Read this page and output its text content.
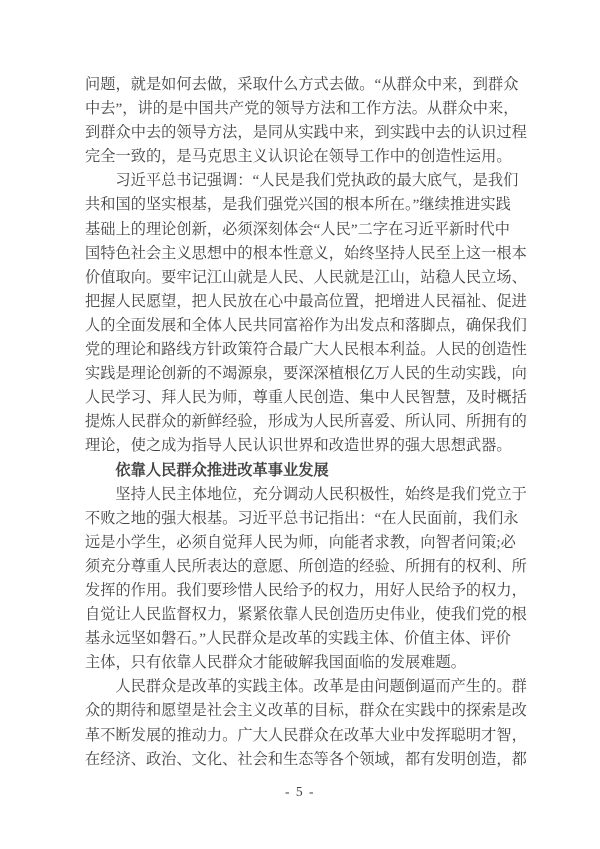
问题，就是如何去做，采取什么方式去做。“从群众中来，到群众
中去”，讲的是中国共产党的领导方法和工作方法。从群众中来，
到群众中去的领导方法，是同从实践中来，到实践中去的认识过程
完全一致的，是马克思主义认识论在领导工作中的创造性运用。
习近平总书记强调：“人民是我们党执政的最大底气，是我们
共和国的坚实根基，是我们强党兴国的根本所在。”继续推进实践
基础上的理论创新，必须深刻体会“人民”二字在习近平新时代中
国特色社会主义思想中的根本性意义，始终坚持人民至上这一根本
价值取向。要牢记江山就是人民、人民就是江山，站稳人民立场、
把握人民愿望，把人民放在心中最高位置，把增进人民福祉、促进
人的全面发展和全体人民共同富裕作为出发点和落脚点，确保我们
党的理论和路线方针政策符合最广大人民根本利益。人民的创造性
实践是理论创新的不竭源泉，要深深植根亿万人民的生动实践，向
人民学习、拜人民为师，尊重人民创造、集中人民智慧，及时概括
提炼人民群众的新鲜经验，形成为人民所喜爱、所认同、所拥有的
理论，使之成为指导人民认识世界和改造世界的强大思想武器。
依靠人民群众推进改革事业发展
坚持人民主体地位，充分调动人民积极性，始终是我们党立于
不败之地的强大根基。习近平总书记指出：“在人民面前，我们永
远是小学生，必须自觉拜人民为师，向能者求教，向智者问策;必
须充分尊重人民所表达的意愿、所创造的经验、所拥有的权利、所
发挥的作用。我们要珍惜人民给予的权力，用好人民给予的权力，
自觉让人民监督权力，紧紧依靠人民创造历史伟业，使我们党的根
基永远坚如磐石。”人民群众是改革的实践主体、价值主体、评价
主体，只有依靠人民群众才能破解我国面临的发展难题。
人民群众是改革的实践主体。改革是由问题倒逼而产生的。群
众的期待和愿望是社会主义改革的目标，群众在实践中的探索是改
革不断发展的推动力。广大人民群众在改革大业中发挥聪明才智，
在经济、政治、文化、社会和生态等各个领域，都有发明创造，都
- 5 -
